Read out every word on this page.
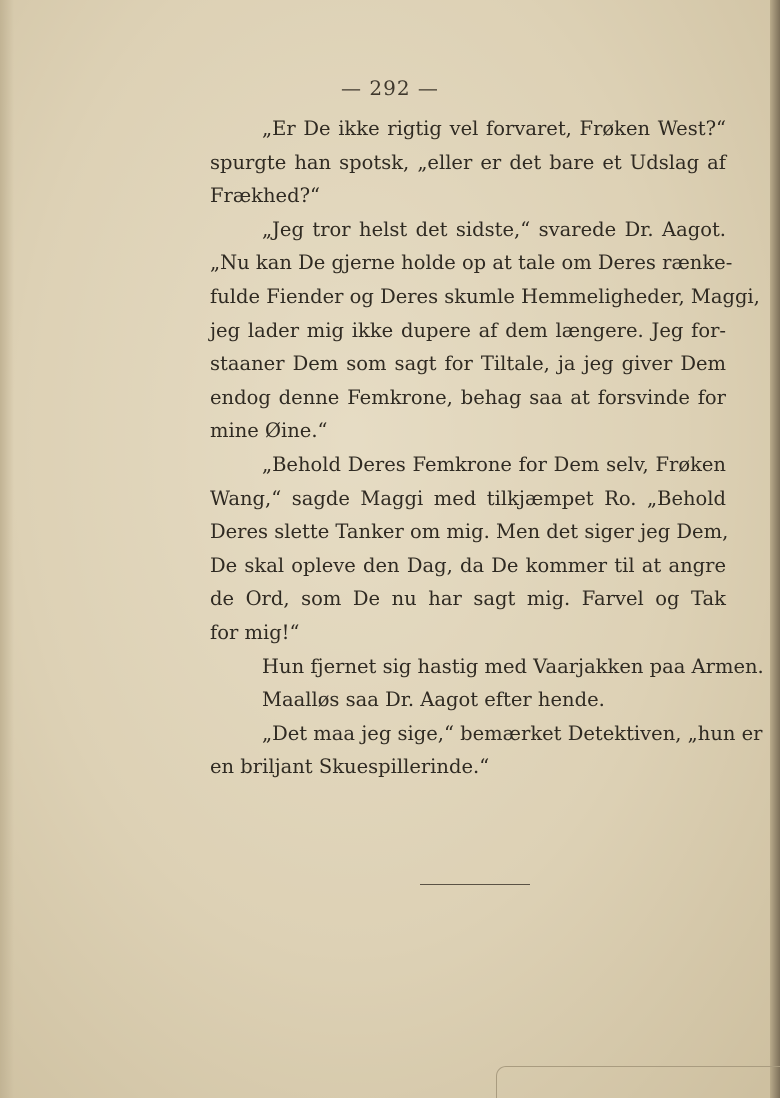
— 292 —
„Er De ikke rigtig vel forvaret, Frøken West?“
spurgte han spotsk, „eller er det bare et Udslag af
Frækhed?“
„Jeg tror helst det sidste,“ svarede Dr. Aagot.
„Nu kan De gjerne holde op at tale om Deres rænke-
fulde Fiender og Deres skumle Hemmeligheder, Maggi,
jeg lader mig ikke dupere af dem længere. Jeg for-
staaner Dem som sagt for Tiltale, ja jeg giver Dem
endog denne Femkrone, behag saa at forsvinde for
mine Øine.“
„Behold Deres Femkrone for Dem selv, Frøken
Wang,“ sagde Maggi med tilkjæmpet Ro. „Behold
Deres slette Tanker om mig. Men det siger jeg Dem,
De skal opleve den Dag, da De kommer til at angre
de Ord, som De nu har sagt mig. Farvel og Tak
for mig!“
Hun fjernet sig hastig med Vaarjakken paa Armen.
Maalløs saa Dr. Aagot efter hende.
„Det maa jeg sige,“ bemærket Detektiven, „hun er
en briljant Skuespillerinde.“
